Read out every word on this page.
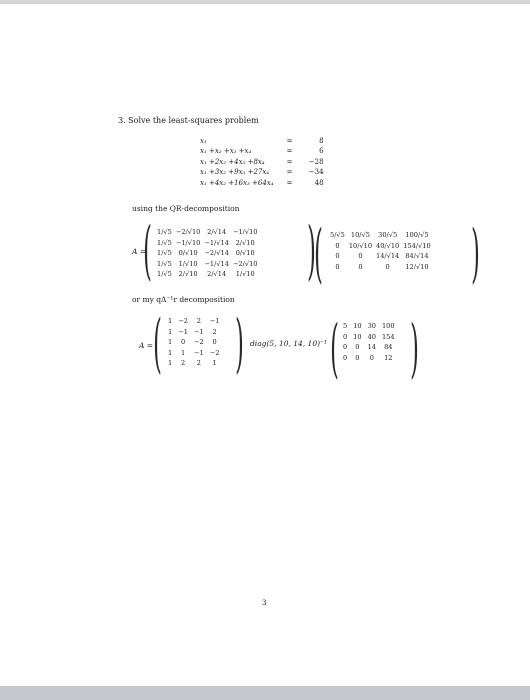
3. Solve the least-squares problem
x₁	=	8
x₁ +x₂ +x₃ +x₄	=	6
x₁ +2x₂ +4x₃ +8x₄	=	−28
x₁ +3x₂ +9x₃ +27x₄	=	−34
x₁ +4x₂ +16x₃ +64x₄	=	48
using the QR-decomposition
A =
( 1/√5	−2/√10	2/√14	−1/√10
1/√5	−1/√10	−1/√14	2/√10
1/√5	0/√10	−2/√14	0/√10
1/√5	1/√10	−1/√14	−2/√10
1/√5	2/√10	2/√14	1/√10 )
( 5/√5	10/√5	30/√5	100/√5
0	10/√10	40/√10	154/√10
0	0	14/√14	84/√14
0	0	0	12/√10 )
or my qΔ⁻¹r decomposition
A = ( 1	−2	2	−1
1	−1	−1	2
1	0	−2	0
1	1	−1	−2
1	2	2	1 ) diag(5, 10, 14, 10)⁻¹ ( 5	10	30	100
0	10	40	154
0	0	14	84
0	0	0	12 )
3
